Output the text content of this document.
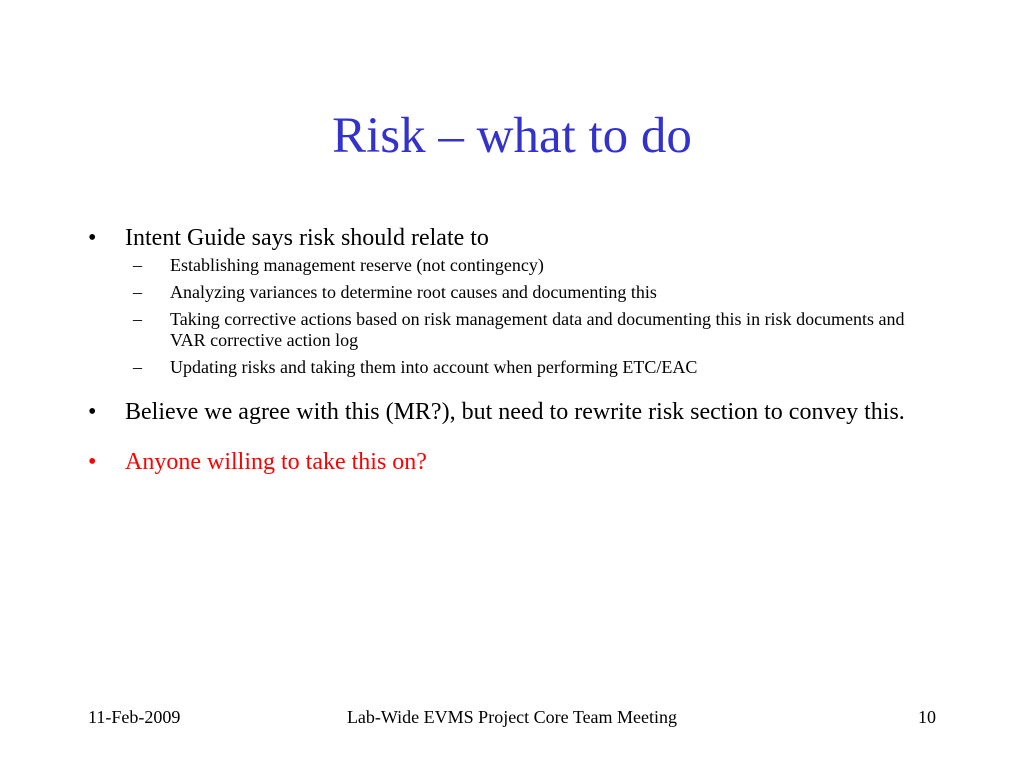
Risk – what to do
• Intent Guide says risk should relate to
– Establishing management reserve (not contingency)
– Analyzing variances to determine root causes and documenting this
– Taking corrective actions based on risk management data and documenting this in risk documents and VAR corrective action log
– Updating risks and taking them into account when performing ETC/EAC
• Believe we agree with this (MR?), but need to rewrite risk section to convey this.
• Anyone willing to take this on?
11-Feb-2009	Lab-Wide EVMS Project Core Team Meeting	10
